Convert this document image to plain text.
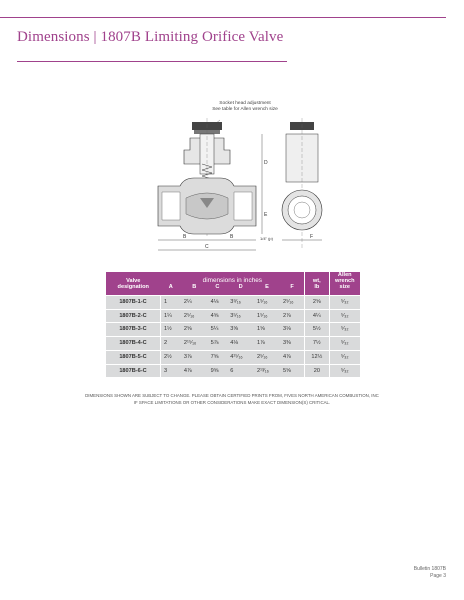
Dimensions | 1807B Limiting Orifice Valve
Socket head adjustment
See table for Allen wrench size
B	B
C
D
E
1/4" (p)	F
Valve	dimensions in inches						wt,	Allen
wrench

designation	A	B	C	D	E	F	lb	size
1807B-1-C	1	2¼	4⅛	3⁹⁄₁₆	1⁵⁄₁₆	2⁵⁄₁₆	2⅝	⁵⁄₃₂
1807B-2-C	1¼	2⁵⁄₁₆	4⅝	3⁵⁄₁₆	1⁵⁄₁₆	2⅞	4¼	⁵⁄₃₂
1807B-3-C	1½	2⅝	5¼	3⅝	1⅝	3⅛	5½	⁵⁄₃₂
1807B-4-C	2	2¹⁵⁄₁₆	5⅞	4⅛	1⅞	3⅜	7½	⁵⁄₃₂
1807B-5-C	2½	3⅞	7⅝	4¹⁵⁄₁₆	2⁵⁄₁₆	4⅞	12½	⁵⁄₃₂
1807B-6-C	3	4⅞	9⅝	6	2¹³⁄₁₆	5⅝	20	⁵⁄₃₂
DIMENSIONS SHOWN ARE SUBJECT TO CHANGE. PLEASE OBTAIN CERTIFIED PRINTS FROM, FIVES NORTH AMERICAN COMBUSTION, INC
IF SPACE LIMITATIONS OR OTHER CONSIDERATIONS MAKE EXACT DIMENSION(S) CRITICAL.
Bulletin 1807B
Page 3
